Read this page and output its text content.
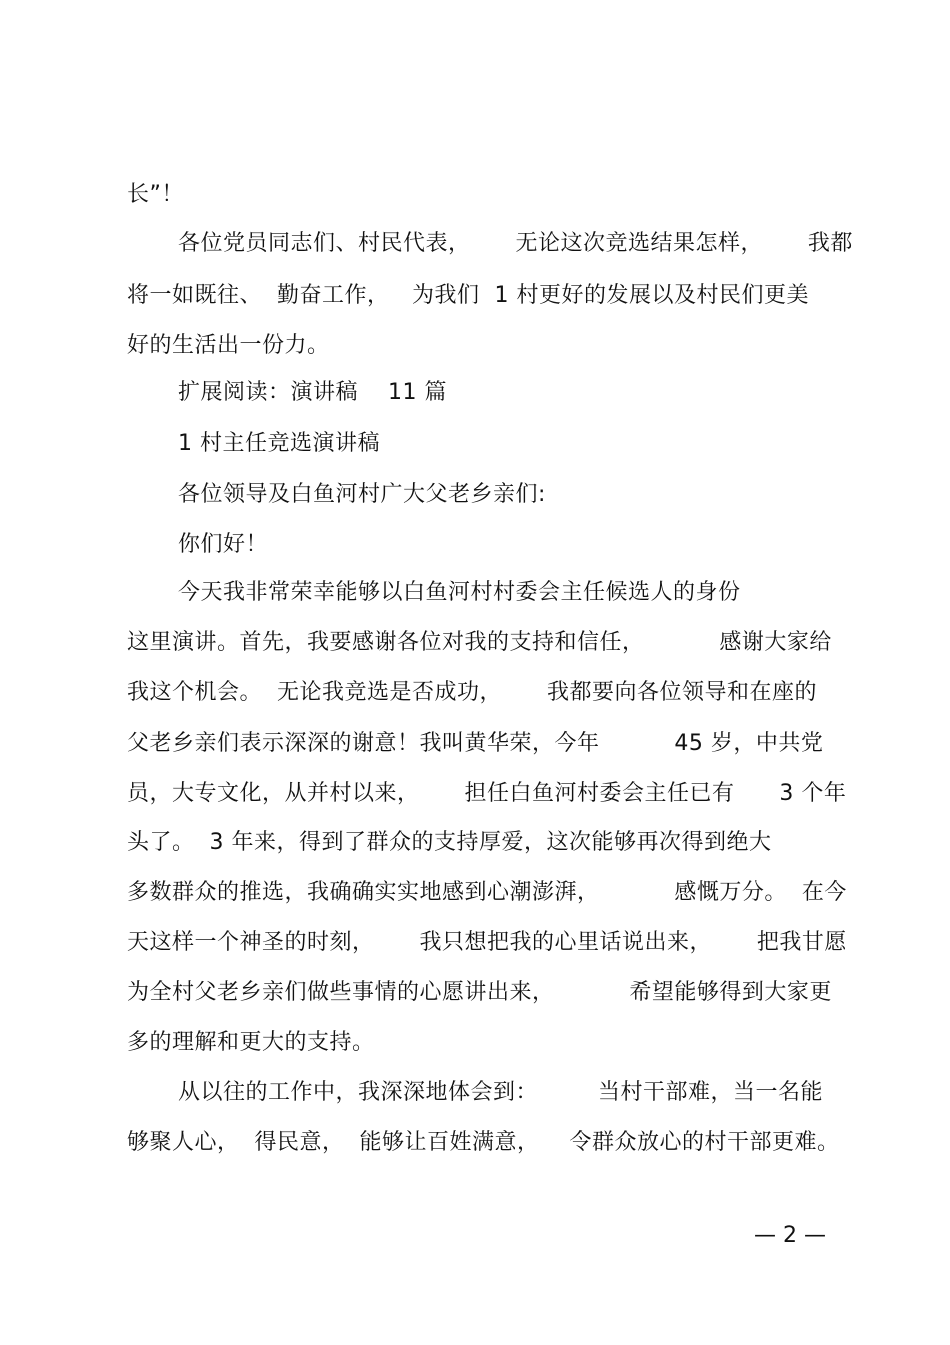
长”！
各位党员同志们、村民代表，      无论这次竞选结果怎样，      我都
将一如既往、  勤奋工作，   为我们  1 村更好的发展以及村民们更美
好的生活出一份力。
扩展阅读：演讲稿    11 篇
1 村主任竞选演讲稿
各位领导及白鱼河村广大父老乡亲们:
你们好！
今天我非常荣幸能够以白鱼河村村委会主任候选人的身份
这里演讲。首先，我要感谢各位对我的支持和信任，          感谢大家给
我这个机会。  无论我竞选是否成功，      我都要向各位领导和在座的
父老乡亲们表示深深的谢意！我叫黄华荣，今年          45 岁，中共党
员，大专文化，从并村以来，      担任白鱼河村委会主任已有      3 个年
头了。  3 年来，得到了群众的支持厚爱，这次能够再次得到绝大
多数群众的推选，我确确实实地感到心潮澎湃，          感慨万分。  在今
天这样一个神圣的时刻，      我只想把我的心里话说出来，      把我甘愿
为全村父老乡亲们做些事情的心愿讲出来，          希望能够得到大家更
多的理解和更大的支持。
从以往的工作中，我深深地体会到：        当村干部难，当一名能
够聚人心，  得民意，  能够让百姓满意，    令群众放心的村干部更难。
— 2 —
